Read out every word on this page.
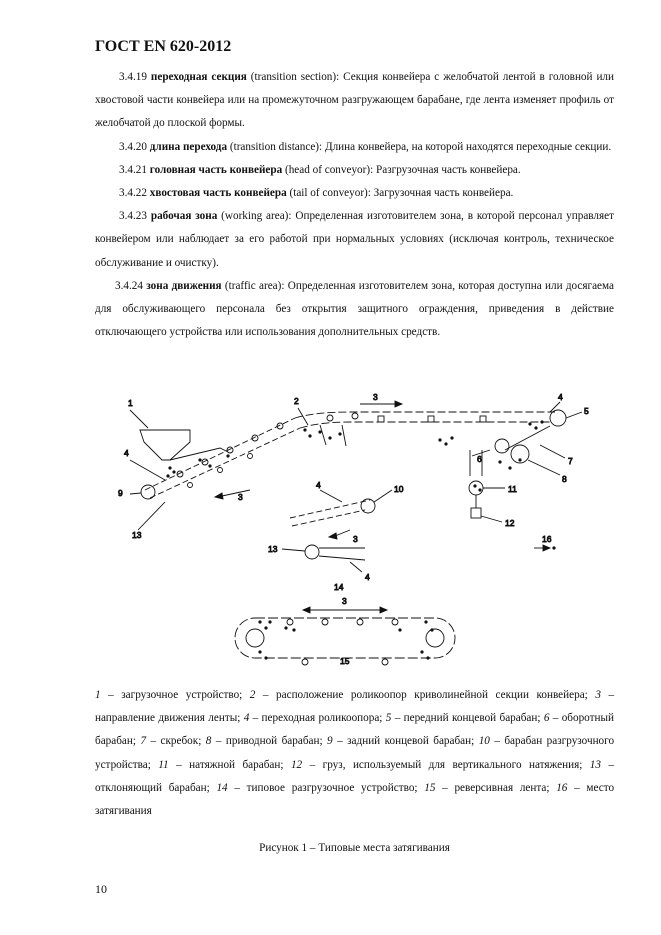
ГОСТ EN 620-2012

3.4.19 переходная секция (transition section): Секция конвейера с желобчатой лентой в головной или хвостовой части конвейера или на промежуточном разгружающем барабане, где лента изменяет профиль от желобчатой до плоской формы.

3.4.20 длина перехода (transition distance): Длина конвейера, на которой находятся переходные секции.

3.4.21 головная часть конвейера (head of conveyor): Разгрузочная часть конвейера.

3.4.22 хвостовая часть конвейера (tail of conveyor): Загрузочная часть конвейера.

3.4.23 рабочая зона (working area): Определенная изготовителем зона, в которой персонал управляет конвейером или наблюдает за его работой при нормальных условиях (исключая контроль, техническое обслуживание и очистку).

3.4.24 зона движения (traffic area): Определенная изготовителем зона, которая доступна или досягаема для обслуживающего персонала без открытия защитного ограждения, приведения в действие отключающего устройства или использования дополнительных средств.

1	2	3
3
3
3
4
4
4
4
5
6	7
8
9	10	11
12
13
13
14
15
16

1 – загрузочное устройство; 2 – расположение роликоопор криволинейной секции конвейера; 3 – направление движения ленты; 4 – переходная роликоопора; 5 – передний концевой барабан; 6 – оборотный барабан; 7 – скребок; 8 – приводной барабан; 9 – задний концевой барабан; 10 – барабан разгрузочного устройства; 11 – натяжной барабан; 12 – груз, используемый для вертикального натяжения; 13 – отклоняющий барабан; 14 – типовое разгрузочное устройство; 15 – реверсивная лента; 16 – место затягивания

Рисунок 1 – Типовые места затягивания
10
